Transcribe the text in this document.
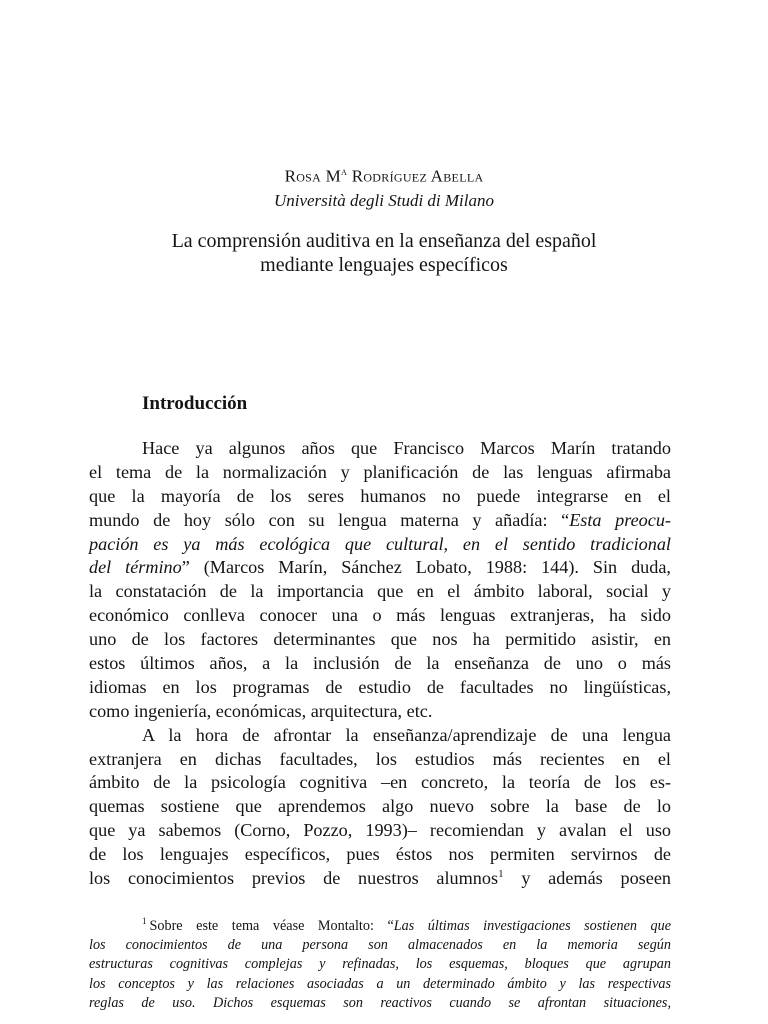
Rosa $M^a$ Rodríguez Abella
Università degli Studi di Milano
La comprensión auditiva en la enseñanza del español
mediante lenguajes específicos
Introducción
Hace ya algunos años que Francisco Marcos Marín tratando
el tema de la normalización y planificación de las lenguas afirmaba
que la mayoría de los seres humanos no puede integrarse en el
mundo de hoy sólo con su lengua materna y añadía: “Esta preocu-
pación es ya más ecológica que cultural, en el sentido tradicional
del término” (Marcos Marín, Sánchez Lobato, 1988: 144). Sin duda,
la constatación de la importancia que en el ámbito laboral, social y
económico conlleva conocer una o más lenguas extranjeras, ha sido
uno de los factores determinantes que nos ha permitido asistir, en
estos últimos años, a la inclusión de la enseñanza de uno o más
idiomas en los programas de estudio de facultades no lingüísticas,
como ingeniería, económicas, arquitectura, etc.
A la hora de afrontar la enseñanza/aprendizaje de una lengua
extranjera en dichas facultades, los estudios más recientes en el
ámbito de la psicología cognitiva –en concreto, la teoría de los es-
quemas sostiene que aprendemos algo nuevo sobre la base de lo
que ya sabemos (Corno, Pozzo, 1993)– recomiendan y avalan el uso
de los lenguajes específicos, pues éstos nos permiten servirnos de
los conocimientos previos de nuestros alumnos$^1$ y además poseen
$^1$ Sobre este tema véase Montalto: “Las últimas investigaciones sostienen que
los conocimientos de una persona son almacenados en la memoria según
estructuras cognitivas complejas y refinadas, los esquemas, bloques que agrupan
los conceptos y las relaciones asociadas a un determinado ámbito y las respectivas
reglas de uso. Dichos esquemas son reactivos cuando se afrontan situaciones,
